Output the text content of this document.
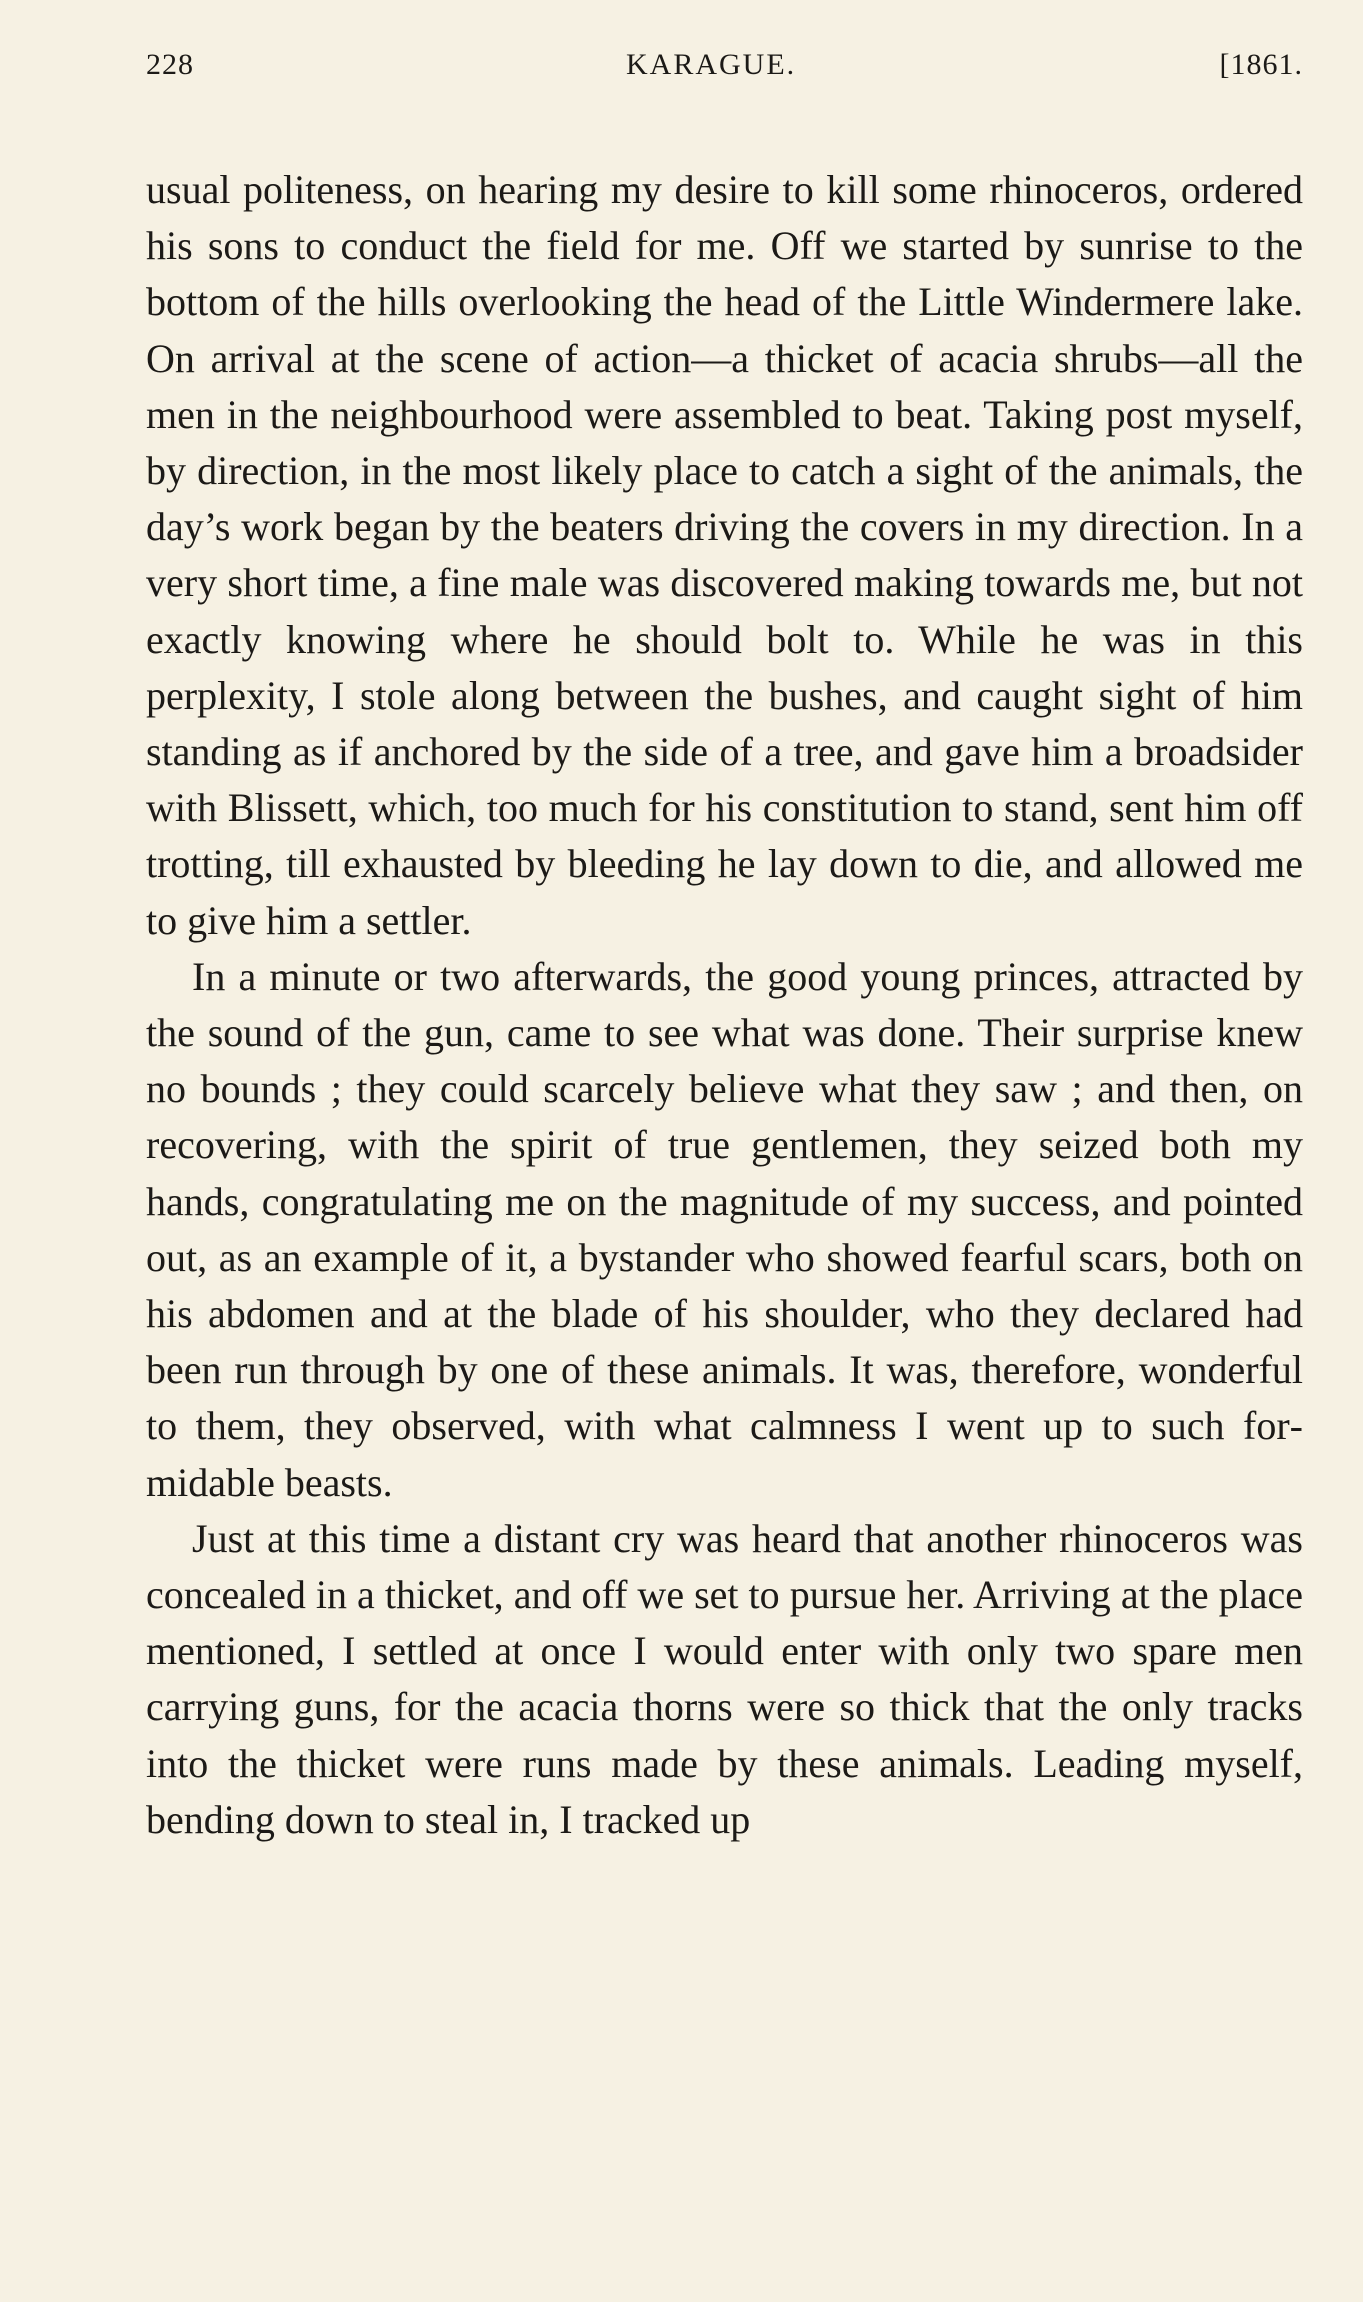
228	KARAGUE.	[1861.

usual politeness, on hearing my desire to kill some rhinoceros, ordered his sons to conduct the field for me. Off we started by sunrise to the bottom of the hills overlooking the head of the Little Windermere lake. On arrival at the scene of action—a thicket of acacia shrubs—all the men in the neighbourhood were assembled to beat. Taking post myself, by direction, in the most likely place to catch a sight of the animals, the day’s work began by the beaters driving the covers in my direction. In a very short time, a fine male was discovered making towards me, but not exactly knowing where he should bolt to. While he was in this perplexity, I stole along between the bushes, and caught sight of him standing as if anchored by the side of a tree, and gave him a broadsider with Blissett, which, too much for his constitution to stand, sent him off trotting, till exhausted by bleeding he lay down to die, and allowed me to give him a settler.

In a minute or two afterwards, the good young princes, attracted by the sound of the gun, came to see what was done. Their surprise knew no bounds ; they could scarcely believe what they saw ; and then, on recovering, with the spirit of true gentlemen, they seized both my hands, congratulating me on the magnitude of my success, and pointed out, as an example of it, a bystander who showed fearful scars, both on his abdomen and at the blade of his shoulder, who they declared had been run through by one of these animals. It was, therefore, wonderful to them, they observed, with what calmness I went up to such formidable beasts.

Just at this time a distant cry was heard that another rhinoceros was concealed in a thicket, and off we set to pursue her. Arriving at the place mentioned, I settled at once I would enter with only two spare men carrying guns, for the acacia thorns were so thick that the only tracks into the thicket were runs made by these animals. Leading myself, bending down to steal in, I tracked up
